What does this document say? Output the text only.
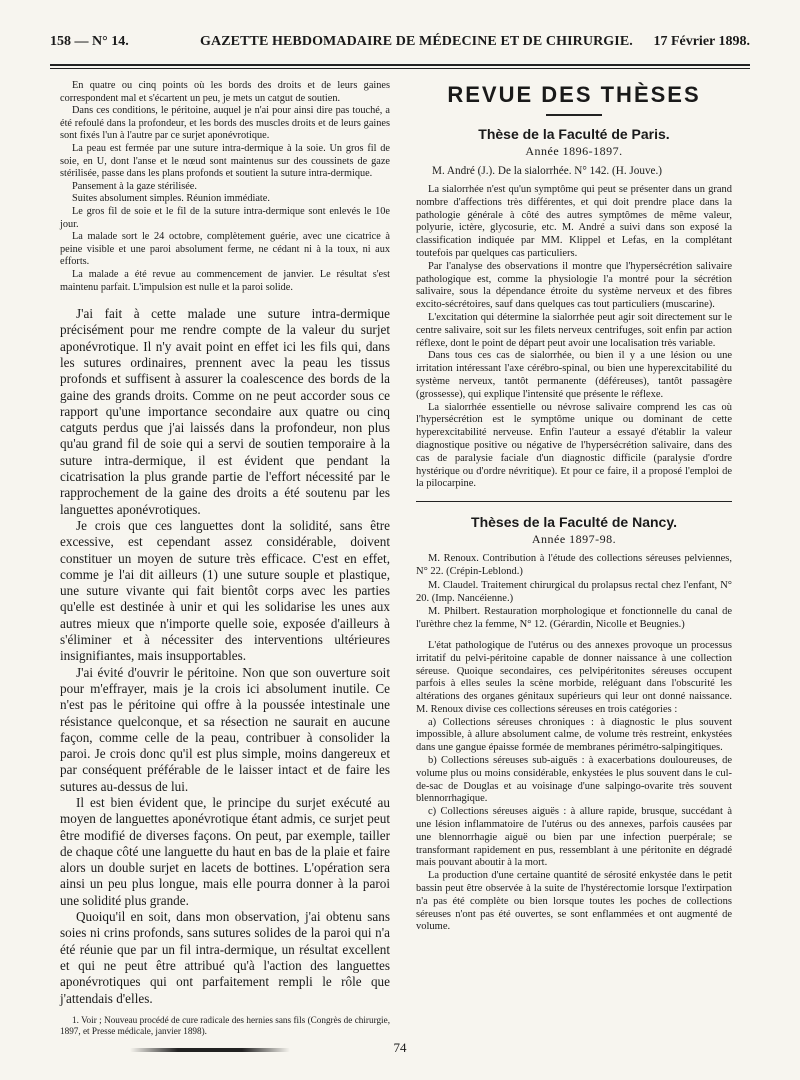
158 — N° 14.	GAZETTE HEBDOMADAIRE DE MÉDECINE ET DE CHIRURGIE. 17 Février 1898.

En quatre ou cinq points où les bords des droits et de leurs gaines correspondent mal et s'écartent un peu, je mets un catgut de soutien.

Dans ces conditions, le péritoine, auquel je n'ai pour ainsi dire pas touché, a été refoulé dans la profondeur, et les bords des muscles droits et de leurs gaines sont fixés l'un à l'autre par ce surjet aponévrotique.

La peau est fermée par une suture intra-dermique à la soie. Un gros fil de soie, en U, dont l'anse et le nœud sont maintenus sur des coussinets de gaze stérilisée, passe dans les plans profonds et soutient la suture intra-dermique.

Pansement à la gaze stérilisée.

Suites absolument simples. Réunion immédiate.

Le gros fil de soie et le fil de la suture intra-dermique sont enlevés le 10e jour.

La malade sort le 24 octobre, complètement guérie, avec une cicatrice à peine visible et une paroi absolument ferme, ne cédant ni à la toux, ni aux efforts.

La malade a été revue au commencement de janvier. Le résultat s'est maintenu parfait. L'impulsion est nulle et la paroi solide.

J'ai fait à cette malade une suture intra-dermique précisément pour me rendre compte de la valeur du surjet aponévrotique. Il n'y avait point en effet ici les fils qui, dans les sutures ordinaires, prennent avec la peau les tissus profonds et suffisent à assurer la coalescence des bords de la gaine des grands droits. Comme on ne peut accorder sous ce rapport qu'une importance secondaire aux quatre ou cinq catguts perdus que j'ai laissés dans la profondeur, non plus qu'au grand fil de soie qui a servi de soutien temporaire à la suture intra-dermique, il est évident que pendant la cicatrisation la plus grande partie de l'effort nécessité par le rapprochement de la gaine des droits a été soutenu par les languettes aponévrotiques.

Je crois que ces languettes dont la solidité, sans être excessive, est cependant assez considérable, doivent constituer un moyen de suture très efficace. C'est en effet, comme je l'ai dit ailleurs (1) une suture souple et plastique, une suture vivante qui fait bientôt corps avec les parties qu'elle est destinée à unir et qui les solidarise les unes aux autres mieux que n'importe quelle soie, exposée d'ailleurs à s'éliminer et à nécessiter des interventions ultérieures insignifiantes, mais insupportables.

J'ai évité d'ouvrir le péritoine. Non que son ouverture soit pour m'effrayer, mais je la crois ici absolument inutile. Ce n'est pas le péritoine qui offre à la poussée intestinale une résistance quelconque, et sa résection ne saurait en aucune façon, comme celle de la peau, contribuer à consolider la paroi. Je crois donc qu'il est plus simple, moins dangereux et par conséquent préférable de le laisser intact et de faire les sutures au-dessus de lui.

Il est bien évident que, le principe du surjet exécuté au moyen de languettes aponévrotique étant admis, ce surjet peut être modifié de diverses façons. On peut, par exemple, tailler de chaque côté une languette du haut en bas de la plaie et faire alors un double surjet en lacets de bottines. L'opération sera ainsi un peu plus longue, mais elle pourra donner à la paroi une solidité plus grande.

Quoiqu'il en soit, dans mon observation, j'ai obtenu sans soies ni crins profonds, sans sutures solides de la paroi qui n'a été réunie que par un fil intra-dermique, un résultat excellent et qui ne peut être attribué qu'à l'action des languettes aponévrotiques qui ont parfaitement rempli le rôle que j'attendais d'elles.

1. Voir ; Nouveau procédé de cure radicale des hernies sans fils (Congrès de chirurgie, 1897, et Presse médicale, janvier 1898).

REVUE DES THÈSES
Thèse de la Faculté de Paris.
Année 1896-1897.

M. André (J.). De la sialorrhée. N° 142. (H. Jouve.)

La sialorrhée n'est qu'un symptôme qui peut se présenter dans un grand nombre d'affections très différentes, et qui doit prendre place dans la pathologie générale à côté des autres symptômes de même valeur, polyurie, ictère, glycosurie, etc. M. André a suivi dans son exposé la classification indiquée par MM. Klippel et Lefas, en la complétant toutefois par quelques cas particuliers.

Par l'analyse des observations il montre que l'hypersécrétion salivaire pathologique est, comme la physiologie l'a montré pour la sécrétion salivaire, sous la dépendance étroite du système nerveux et des fibres excito-sécrétoires, sauf dans quelques cas tout particuliers (muscarine).

L'excitation qui détermine la sialorrhée peut agir soit directement sur le centre salivaire, soit sur les filets nerveux centrifuges, soit enfin par action réflexe, dont le point de départ peut avoir une localisation très variable.

Dans tous ces cas de sialorrhée, ou bien il y a une lésion ou une irritation intéressant l'axe cérébro-spinal, ou bien une hyperexcitabilité du système nerveux, tantôt permanente (déféreuses), tantôt passagère (grossesse), qui explique l'intensité que présente le réflexe.

La sialorrhée essentielle ou névrose salivaire comprend les cas où l'hypersécrétion est le symptôme unique ou dominant de cette hyperexcitabilité nerveuse. Enfin l'auteur a essayé d'établir la valeur diagnostique positive ou négative de l'hypersécrétion salivaire, dans des cas de paralysie faciale d'un diagnostic difficile (paralysie d'ordre hystérique ou d'ordre névritique). Et pour ce faire, il a proposé l'emploi de la pilocarpine.

Thèses de la Faculté de Nancy.
Année 1897-98.

M. Renoux. Contribution à l'étude des collections séreuses pelviennes, N° 22. (Crépin-Leblond.)

M. Claudel. Traitement chirurgical du prolapsus rectal chez l'enfant, N° 20. (Imp. Nancéienne.)

M. Philbert. Restauration morphologique et fonctionnelle du canal de l'urèthre chez la femme, N° 12. (Gérardin, Nicolle et Beugnies.)

L'état pathologique de l'utérus ou des annexes provoque un processus irritatif du pelvi-péritoine capable de donner naissance à une collection séreuse. Quoique secondaires, ces pelvipéritonites séreuses occupent parfois à elles seules la scène morbide, reléguant dans l'obscurité les altérations des organes génitaux supérieurs qui leur ont donné naissance. M. Renoux divise ces collections séreuses en trois catégories :

a) Collections séreuses chroniques : à diagnostic le plus souvent impossible, à allure absolument calme, de volume très restreint, enkystées dans une gangue épaisse formée de membranes périmétro-salpingitiques.

b) Collections séreuses sub-aiguës : à exacerbations douloureuses, de volume plus ou moins considérable, enkystées le plus souvent dans le cul-de-sac de Douglas et au voisinage d'une salpingo-ovarite très souvent blennorrhagique.

c) Collections séreuses aiguës : à allure rapide, brusque, succédant à une lésion inflammatoire de l'utérus ou des annexes, parfois causées par une blennorrhagie aiguë ou bien par une infection puerpérale; se transformant rapidement en pus, ressemblant à une péritonite en dégradé mais pouvant aboutir à la mort.

La production d'une certaine quantité de sérosité enkystée dans le petit bassin peut être observée à la suite de l'hystérectomie lorsque l'extirpation n'a pas été complète ou bien lorsque toutes les poches de collections séreuses n'ont pas été ouvertes, se sont enflammées et ont augmenté de volume.

74
